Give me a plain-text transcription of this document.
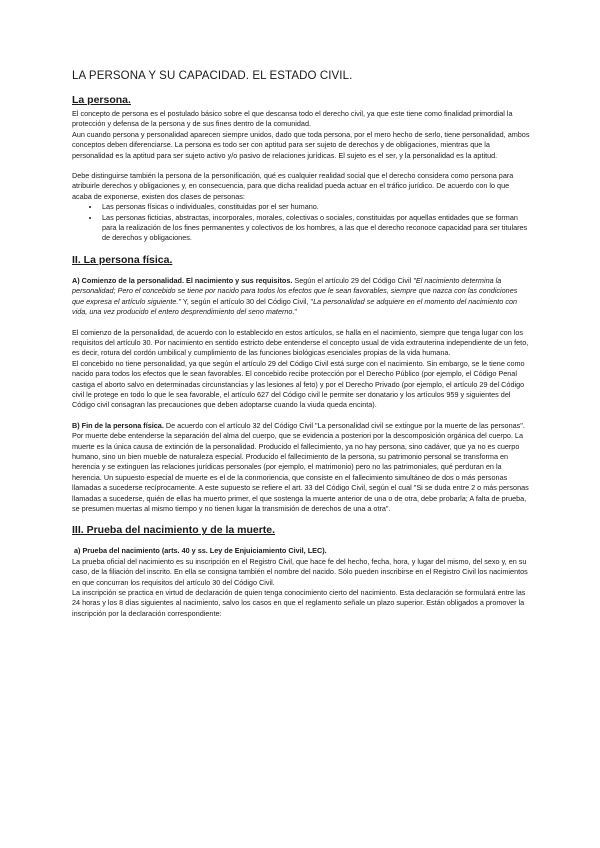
LA PERSONA Y SU CAPACIDAD. EL ESTADO CIVIL.
La persona.

El concepto de persona es el postulado básico sobre el que descansa todo el derecho civil, ya que este tiene como finalidad primordial la protección y defensa de la persona y de sus fines dentro de la comunidad.

Aun cuando persona y personalidad aparecen siempre unidos, dado que toda persona, por el mero hecho de serlo, tiene personalidad, ambos conceptos deben diferenciarse. La persona es todo ser con aptitud para ser sujeto de derechos y de obligaciones, mientras que la personalidad es la aptitud para ser sujeto activo y/o pasivo de relaciones jurídicas. El sujeto es el ser, y la personalidad es la aptitud.

Debe distinguirse también la persona de la personificación, qué es cualquier realidad social que el derecho considera como persona para atribuirle derechos y obligaciones y, en consecuencia, para que dicha realidad pueda actuar en el tráfico jurídico. De acuerdo con lo que acaba de exponerse, existen dos clases de personas:

• Las personas físicas o individuales, constituidas por el ser humano.
• Las personas ficticias, abstractas, incorporales, morales, colectivas o sociales, constituidas por aquellas entidades que se forman para la realización de los fines permanentes y colectivos de los hombres, a las que el derecho reconoce capacidad para ser titulares de derechos y obligaciones.
II. La persona física.

A) Comienzo de la personalidad. El nacimiento y sus requisitos. Según el artículo 29 del Código Civil "El nacimiento determina la personalidad; Pero el concebido se tiene por nacido para todos los efectos que le sean favorables, siempre que nazca con las condiciones que expresa el artículo siguiente." Y, según el artículo 30 del Código Civil, "La personalidad se adquiere en el momento del nacimiento con vida, una vez producido el entero desprendimiento del seno materno."

El comienzo de la personalidad, de acuerdo con lo establecido en estos artículos, se halla en el nacimiento, siempre que tenga lugar con los requisitos del artículo 30. Por nacimiento en sentido estricto debe entenderse el concepto usual de vida extrauterina independiente de un feto, es decir, rotura del cordón umbilical y cumplimiento de las funciones biológicas esenciales propias de la vida humana.

El concebido no tiene personalidad, ya que según el artículo 29 del Código Civil está surge con el nacimiento. Sin embargo, se le tiene como nacido para todos los efectos que le sean favorables. El concebido recibe protección por el Derecho Público (por ejemplo, el Código Penal castiga el aborto salvo en determinadas circunstancias y las lesiones al feto) y por el Derecho Privado (por ejemplo, el artículo 29 del Código civil le protege en todo lo que le sea favorable, el artículo 627 del Código civil le permite ser donatario y los artículos 959 y siguientes del Código civil consagran las precauciones que deben adoptarse cuando la viuda queda encinta).

B) Fin de la persona física. De acuerdo con el artículo 32 del Código Civil "La personalidad civil se extingue por la muerte de las personas". Por muerte debe entenderse la separación del alma del cuerpo, que se evidencia a posteriori por la descomposición orgánica del cuerpo. La muerte es la única causa de extinción de la personalidad. Producido el fallecimiento, ya no hay persona, sino cadáver, que ya no es cuerpo humano, sino un bien mueble de naturaleza especial. Producido el fallecimiento de la persona, su patrimonio personal se transforma en herencia y se extinguen las relaciones jurídicas personales (por ejemplo, el matrimonio) pero no las patrimoniales, qué perduran en la herencia. Un supuesto especial de muerte es el de la conmoriencia, que consiste en el fallecimiento simultáneo de dos o más personas llamadas a sucederse recíprocamente. A este supuesto se refiere el art. 33 del Código Civil, según el cual "Si se duda entre 2 o más personas llamadas a sucederse, quién de ellas ha muerto primer, el que sostenga la muerte anterior de una o de otra, debe probarla; A falta de prueba, se presumen muertas al mismo tiempo y no tienen lugar la transmisión de derechos de una a otra".

III. Prueba del nacimiento y de la muerte.

a) Prueba del nacimiento (arts. 40 y ss. Ley de Enjuiciamiento Civil, LEC).

La prueba oficial del nacimiento es su inscripción en el Registro Civil, que hace fe del hecho, fecha, hora, y lugar del mismo, del sexo y, en su caso, de la filiación del inscrito. En ella se consigna también el nombre del nacido. Sólo pueden inscribirse en el Registro Civil los nacimientos en que concurran los requisitos del artículo 30 del Código Civil.

La inscripción se practica en virtud de declaración de quien tenga conocimiento cierto del nacimiento. Esta declaración se formulará entre las 24 horas y los 8 días siguientes al nacimiento, salvo los casos en que el reglamento señale un plazo superior. Están obligados a promover la inscripción por la declaración correspondiente:
